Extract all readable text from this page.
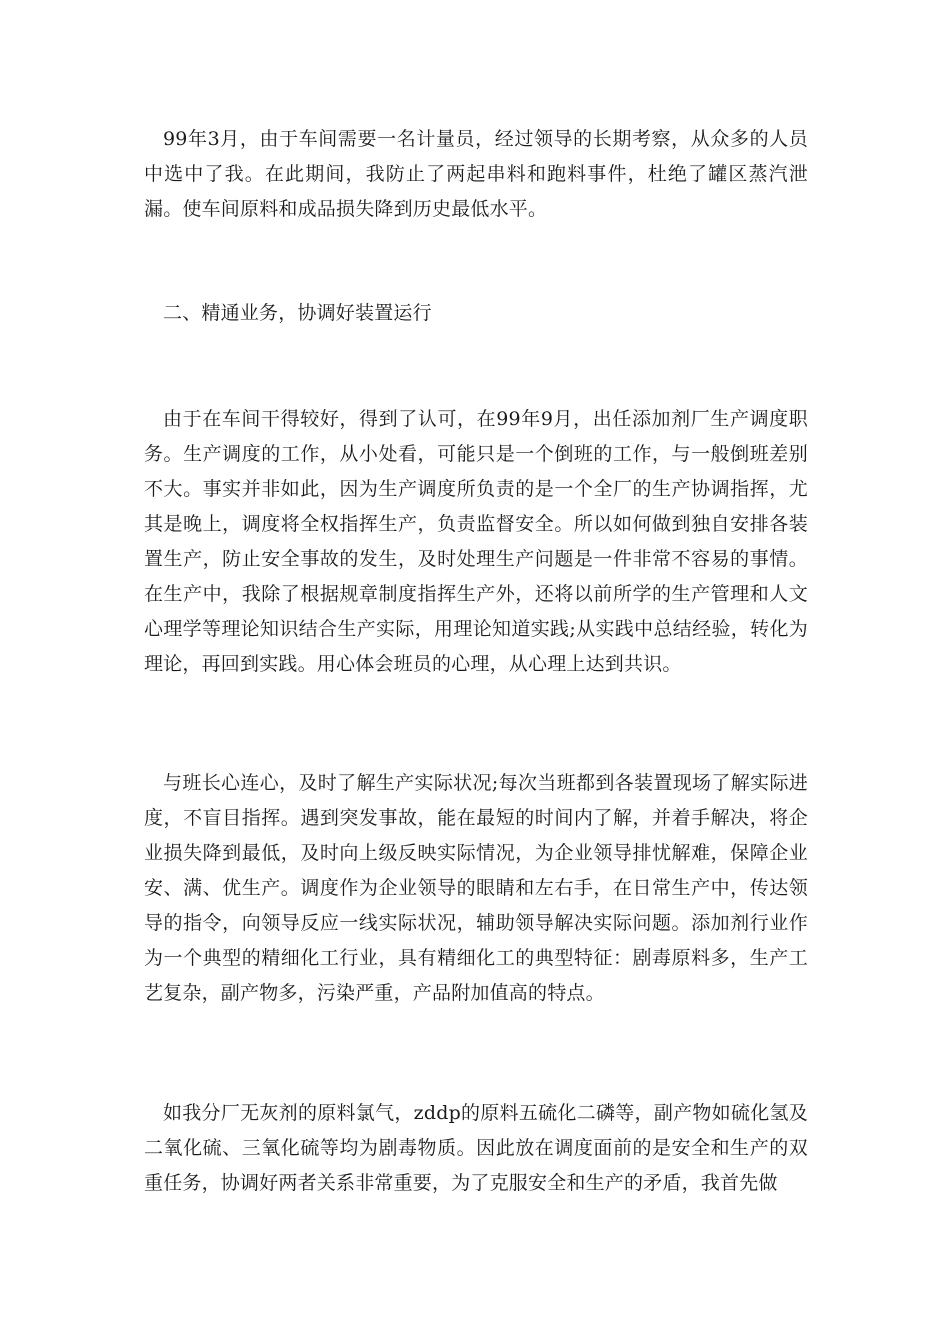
99年3月，由于车间需要一名计量员，经过领导的长期考察，从众多的人员中选中了我。在此期间，我防止了两起串料和跑料事件，杜绝了罐区蒸汽泄漏。使车间原料和成品损失降到历史最低水平。

二、精通业务，协调好装置运行

由于在车间干得较好，得到了认可，在99年9月，出任添加剂厂生产调度职务。生产调度的工作，从小处看，可能只是一个倒班的工作，与一般倒班差别不大。事实并非如此，因为生产调度所负责的是一个全厂的生产协调指挥，尤其是晚上，调度将全权指挥生产，负责监督安全。所以如何做到独自安排各装置生产，防止安全事故的发生，及时处理生产问题是一件非常不容易的事情。在生产中，我除了根据规章制度指挥生产外，还将以前所学的生产管理和人文心理学等理论知识结合生产实际，用理论知道实践;从实践中总结经验，转化为理论，再回到实践。用心体会班员的心理，从心理上达到共识。

与班长心连心，及时了解生产实际状况;每次当班都到各装置现场了解实际进度，不盲目指挥。遇到突发事故，能在最短的时间内了解，并着手解决，将企业损失降到最低，及时向上级反映实际情况，为企业领导排忧解难，保障企业安、满、优生产。调度作为企业领导的眼睛和左右手，在日常生产中，传达领导的指令，向领导反应一线实际状况，辅助领导解决实际问题。添加剂行业作为一个典型的精细化工行业，具有精细化工的典型特征：剧毒原料多，生产工艺复杂，副产物多，污染严重，产品附加值高的特点。

如我分厂无灰剂的原料氯气，zddp的原料五硫化二磷等，副产物如硫化氢及二氧化硫、三氧化硫等均为剧毒物质。因此放在调度面前的是安全和生产的双重任务，协调好两者关系非常重要，为了克服安全和生产的矛盾，我首先做
